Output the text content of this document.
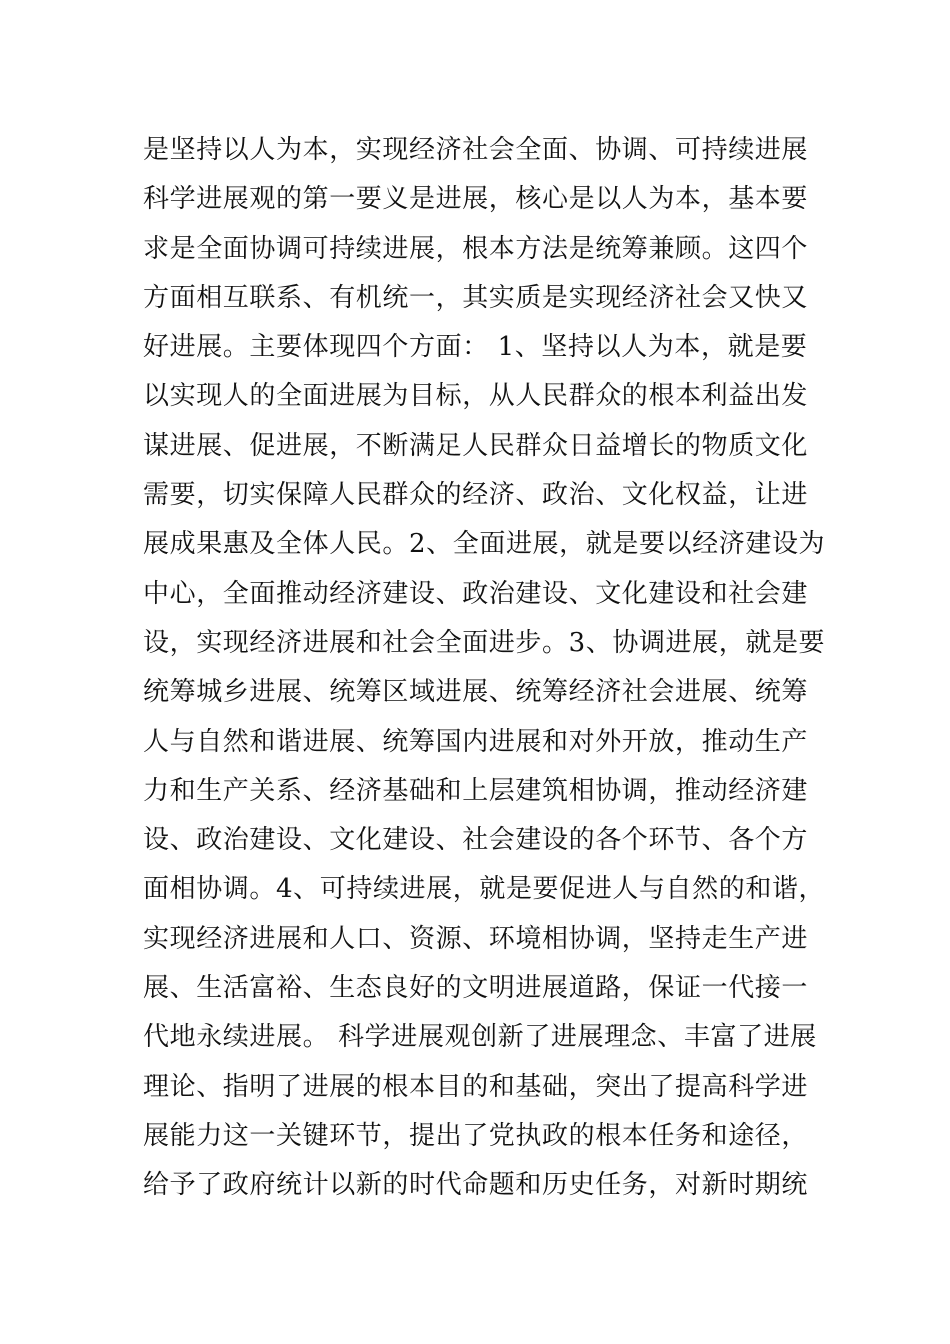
是坚持以人为本，实现经济社会全面、协调、可持续进展
科学进展观的第一要义是进展，核心是以人为本，基本要
求是全面协调可持续进展，根本方法是统筹兼顾。这四个
方面相互联系、有机统一，其实质是实现经济社会又快又
好进展。主要体现四个方面： 1、坚持以人为本，就是要
以实现人的全面进展为目标，从人民群众的根本利益出发
谋进展、促进展，不断满足人民群众日益增长的物质文化
需要，切实保障人民群众的经济、政治、文化权益，让进
展成果惠及全体人民。2、全面进展，就是要以经济建设为
中心，全面推动经济建设、政治建设、文化建设和社会建
设，实现经济进展和社会全面进步。3、协调进展，就是要
统筹城乡进展、统筹区域进展、统筹经济社会进展、统筹
人与自然和谐进展、统筹国内进展和对外开放，推动生产
力和生产关系、经济基础和上层建筑相协调，推动经济建
设、政治建设、文化建设、社会建设的各个环节、各个方
面相协调。4、可持续进展，就是要促进人与自然的和谐，
实现经济进展和人口、资源、环境相协调，坚持走生产进
展、生活富裕、生态良好的文明进展道路，保证一代接一
代地永续进展。 科学进展观创新了进展理念、丰富了进展
理论、指明了进展的根本目的和基础，突出了提高科学进
展能力这一关键环节，提出了党执政的根本任务和途径，
给予了政府统计以新的时代命题和历史任务，对新时期统
